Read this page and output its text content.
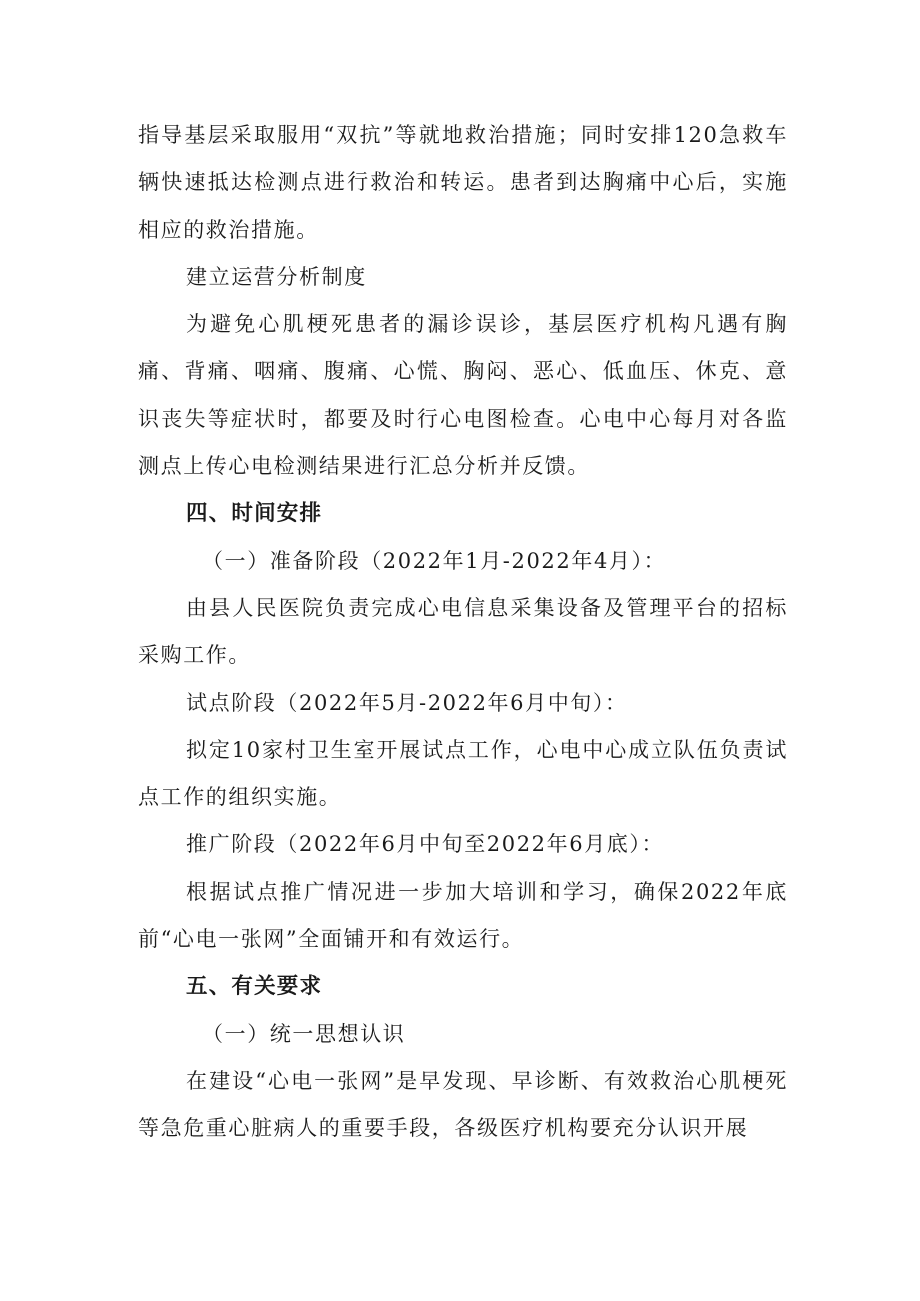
指导基层采取服用“双抗”等就地救治措施；同时安排120急救车辆快速抵达检测点进行救治和转运。患者到达胸痛中心后，实施相应的救治措施。

建立运营分析制度

为避免心肌梗死患者的漏诊误诊，基层医疗机构凡遇有胸痛、背痛、咽痛、腹痛、心慌、胸闷、恶心、低血压、休克、意识丧失等症状时，都要及时行心电图检查。心电中心每月对各监测点上传心电检测结果进行汇总分析并反馈。

四、时间安排

（一）准备阶段（2022年1月-2022年4月）：

由县人民医院负责完成心电信息采集设备及管理平台的招标采购工作。

试点阶段（2022年5月-2022年6月中旬）：

拟定10家村卫生室开展试点工作，心电中心成立队伍负责试点工作的组织实施。

推广阶段（2022年6月中旬至2022年6月底）：

根据试点推广情况进一步加大培训和学习，确保2022年底前“心电一张网”全面铺开和有效运行。

五、有关要求

（一）统一思想认识

在建设“心电一张网”是早发现、早诊断、有效救治心肌梗死等急危重心脏病人的重要手段，各级医疗机构要充分认识开展
